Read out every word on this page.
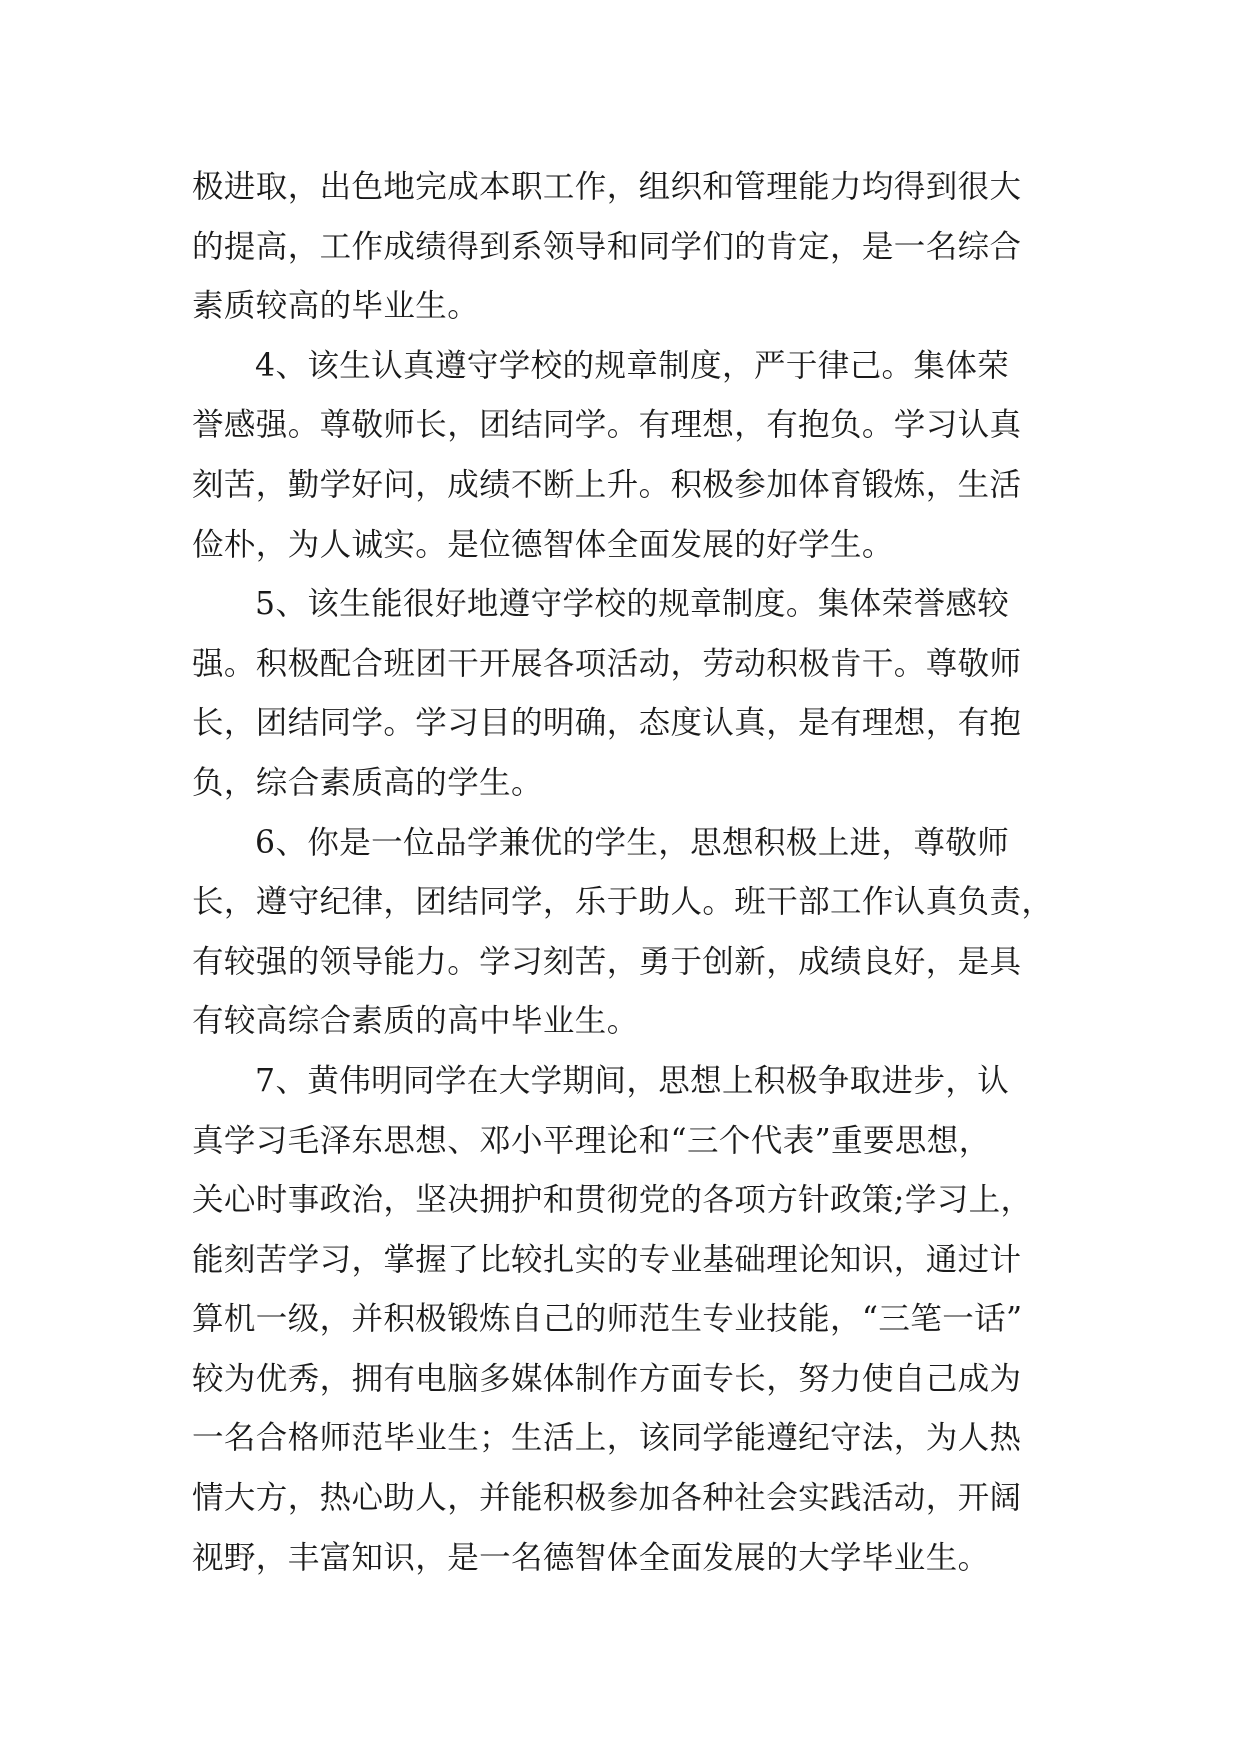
极进取，出色地完成本职工作，组织和管理能力均得到很大
的提高，工作成绩得到系领导和同学们的肯定，是一名综合
素质较高的毕业生。
4、该生认真遵守学校的规章制度，严于律己。集体荣
誉感强。尊敬师长，团结同学。有理想，有抱负。学习认真
刻苦，勤学好问，成绩不断上升。积极参加体育锻炼，生活
俭朴，为人诚实。是位德智体全面发展的好学生。
5、该生能很好地遵守学校的规章制度。集体荣誉感较
强。积极配合班团干开展各项活动，劳动积极肯干。尊敬师
长，团结同学。学习目的明确，态度认真，是有理想，有抱
负，综合素质高的学生。
6、你是一位品学兼优的学生，思想积极上进，尊敬师
长，遵守纪律，团结同学，乐于助人。班干部工作认真负责，
有较强的领导能力。学习刻苦，勇于创新，成绩良好，是具
有较高综合素质的高中毕业生。
7、黄伟明同学在大学期间，思想上积极争取进步，认
真学习毛泽东思想、邓小平理论和“三个代表”重要思想，
关心时事政治，坚决拥护和贯彻党的各项方针政策;学习上，
能刻苦学习，掌握了比较扎实的专业基础理论知识，通过计
算机一级，并积极锻炼自己的师范生专业技能，“三笔一话”
较为优秀，拥有电脑多媒体制作方面专长，努力使自己成为
一名合格师范毕业生；生活上，该同学能遵纪守法，为人热
情大方，热心助人，并能积极参加各种社会实践活动，开阔
视野，丰富知识，是一名德智体全面发展的大学毕业生。
